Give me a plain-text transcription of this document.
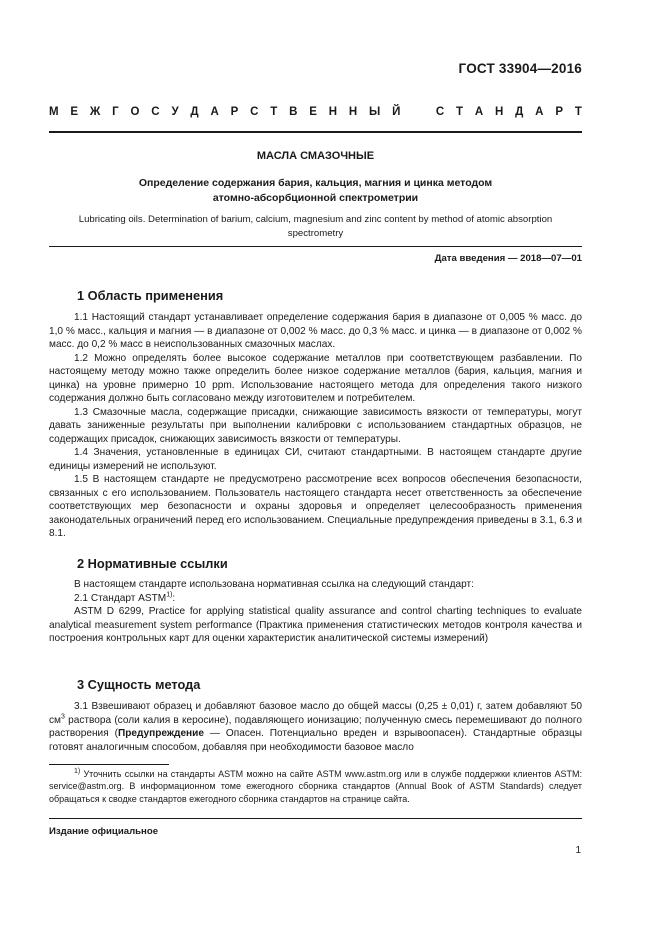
ГОСТ 33904—2016
М Е Ж Г О С У Д А Р С Т В Е Н Н Ы Й	С Т А Н Д А Р Т
МАСЛА СМАЗОЧНЫЕ
Определение содержания бария, кальция, магния и цинка методом
атомно-абсорбционной спектрометрии
Lubricating oils. Determination of barium, calcium, magnesium and zinc content by method of atomic absorption
spectrometry
Дата введения — 2018—07—01
1 Область применения

1.1 Настоящий стандарт устанавливает определение содержания бария в диапазоне от 0,005 % масс. до 1,0 % масс., кальция и магния — в диапазоне от 0,002 % масс. до 0,3 % масс. и цинка — в диапазоне от 0,002 % масс. до 0,2 % масс в неиспользованных смазочных маслах.

1.2 Можно определять более высокое содержание металлов при соответствующем разбавлении. По настоящему методу можно также определить более низкое содержание металлов (бария, кальция, магния и цинка) на уровне примерно 10 ppm. Использование настоящего метода для определения такого низкого содержания должно быть согласовано между изготовителем и потребителем.

1.3 Смазочные масла, содержащие присадки, снижающие зависимость вязкости от температуры, могут давать заниженные результаты при выполнении калибровки с использованием стандартных образцов, не содержащих присадок, снижающих зависимость вязкости от температуры.

1.4 Значения, установленные в единицах СИ, считают стандартными. В настоящем стандарте другие единицы измерений не используют.

1.5 В настоящем стандарте не предусмотрено рассмотрение всех вопросов обеспечения безопасности, связанных с его использованием. Пользователь настоящего стандарта несет ответственность за обеспечение соответствующих мер безопасности и охраны здоровья и определяет целесообразность применения законодательных ограничений перед его использованием. Специальные предупреждения приведены в 3.1, 6.3 и 8.1.

2 Нормативные ссылки

В настоящем стандарте использована нормативная ссылка на следующий стандарт:

2.1 Стандарт ASTM$^{1)}$:

ASTM D 6299, Practice for applying statistical quality assurance and control charting techniques to evaluate analytical measurement system performance (Практика применения статистических методов контроля качества и построения контрольных карт для оценки характеристик аналитической системы измерений)

3 Сущность метода

3.1 Взвешивают образец и добавляют базовое масло до общей массы (0,25 ± 0,01) г, затем добавляют 50 $см^3$ раствора (соли калия в керосине), подавляющего ионизацию; полученную смесь перемешивают до полного растворения (Предупреждение — Опасен. Потенциально вреден и взрывоопасен). Стандартные образцы готовят аналогичным способом, добавляя при необходимости базовое масло

$^{1)}$ Уточнить ссылки на стандарты ASTM можно на сайте ASTM www.astm.org или в службе поддержки клиентов ASTM: service@astm.org. В информационном томе ежегодного сборника стандартов (Annual Book of ASTM Standards) следует обращаться к сводке стандартов ежегодного сборника стандартов на странице сайта.

Издание официальное
1
